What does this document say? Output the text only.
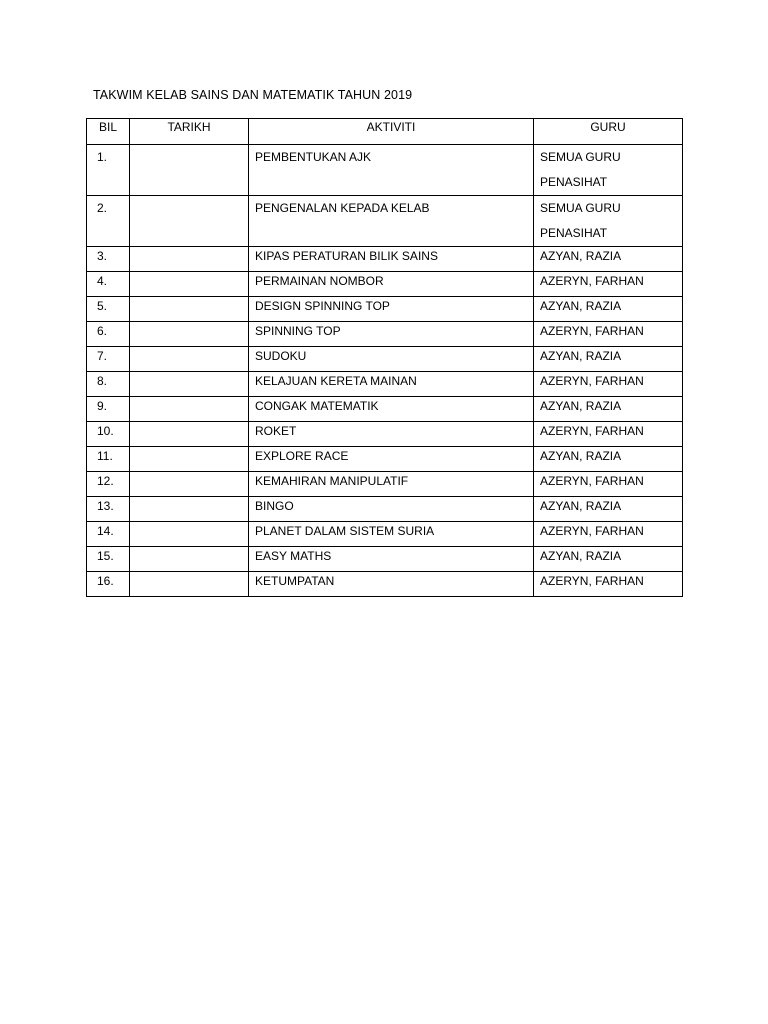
TAKWIM KELAB SAINS DAN MATEMATIK TAHUN 2019
BIL	TARIKH	AKTIVITI	GURU
1.		PEMBENTUKAN AJK	SEMUA GURU
PENASIHAT

2.		PENGENALAN KEPADA KELAB	SEMUA GURU
PENASIHAT

3.		KIPAS PERATURAN BILIK SAINS	AZYAN, RAZIA
4.		PERMAINAN NOMBOR	AZERYN, FARHAN
5.		DESIGN SPINNING TOP	AZYAN, RAZIA
6.		SPINNING TOP	AZERYN, FARHAN
7.		SUDOKU	AZYAN, RAZIA
8.		KELAJUAN KERETA MAINAN	AZERYN, FARHAN
9.		CONGAK MATEMATIK	AZYAN, RAZIA
10.		ROKET	AZERYN, FARHAN
11.		EXPLORE RACE	AZYAN, RAZIA
12.		KEMAHIRAN MANIPULATIF	AZERYN, FARHAN
13.		BINGO	AZYAN, RAZIA
14.		PLANET DALAM SISTEM SURIA	AZERYN, FARHAN
15.		EASY MATHS	AZYAN, RAZIA
16.		KETUMPATAN	AZERYN, FARHAN
